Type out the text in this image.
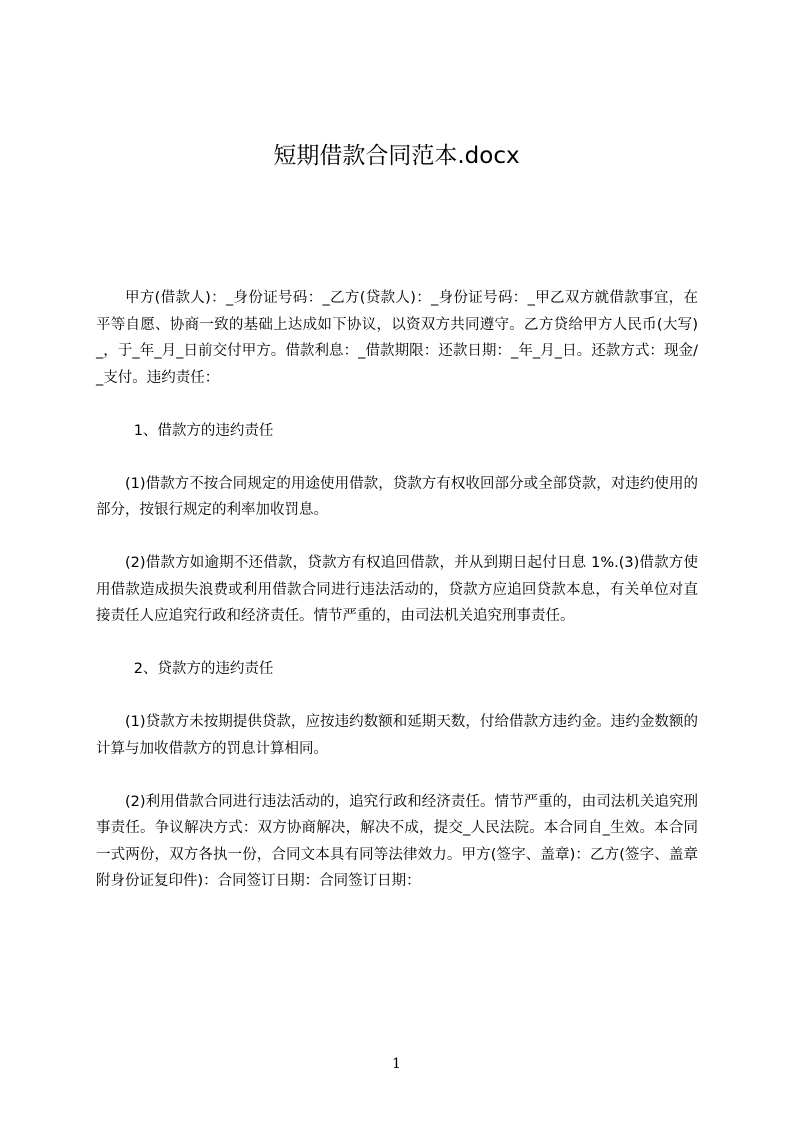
短期借款合同范本.docx

甲方(借款人)：_身份证号码：_乙方(贷款人)：_身份证号码：_甲乙双方就借款事宜，在平等自愿、协商一致的基础上达成如下协议，以资双方共同遵守。乙方贷给甲方人民币(大写)_，于_年_月_日前交付甲方。借款利息：_借款期限：还款日期：_年_月_日。还款方式：现金/_支付。违约责任：

1、借款方的违约责任

(1)借款方不按合同规定的用途使用借款，贷款方有权收回部分或全部贷款，对违约使用的部分，按银行规定的利率加收罚息。

(2)借款方如逾期不还借款，贷款方有权追回借款，并从到期日起付日息 1%.(3)借款方使用借款造成损失浪费或利用借款合同进行违法活动的，贷款方应追回贷款本息，有关单位对直接责任人应追究行政和经济责任。情节严重的，由司法机关追究刑事责任。

2、贷款方的违约责任

(1)贷款方未按期提供贷款，应按违约数额和延期天数，付给借款方违约金。违约金数额的计算与加收借款方的罚息计算相同。

(2)利用借款合同进行违法活动的，追究行政和经济责任。情节严重的，由司法机关追究刑事责任。争议解决方式：双方协商解决，解决不成，提交_人民法院。本合同自_生效。本合同一式两份，双方各执一份，合同文本具有同等法律效力。甲方(签字、盖章)：乙方(签字、盖章附身份证复印件)：合同签订日期：合同签订日期：

1
